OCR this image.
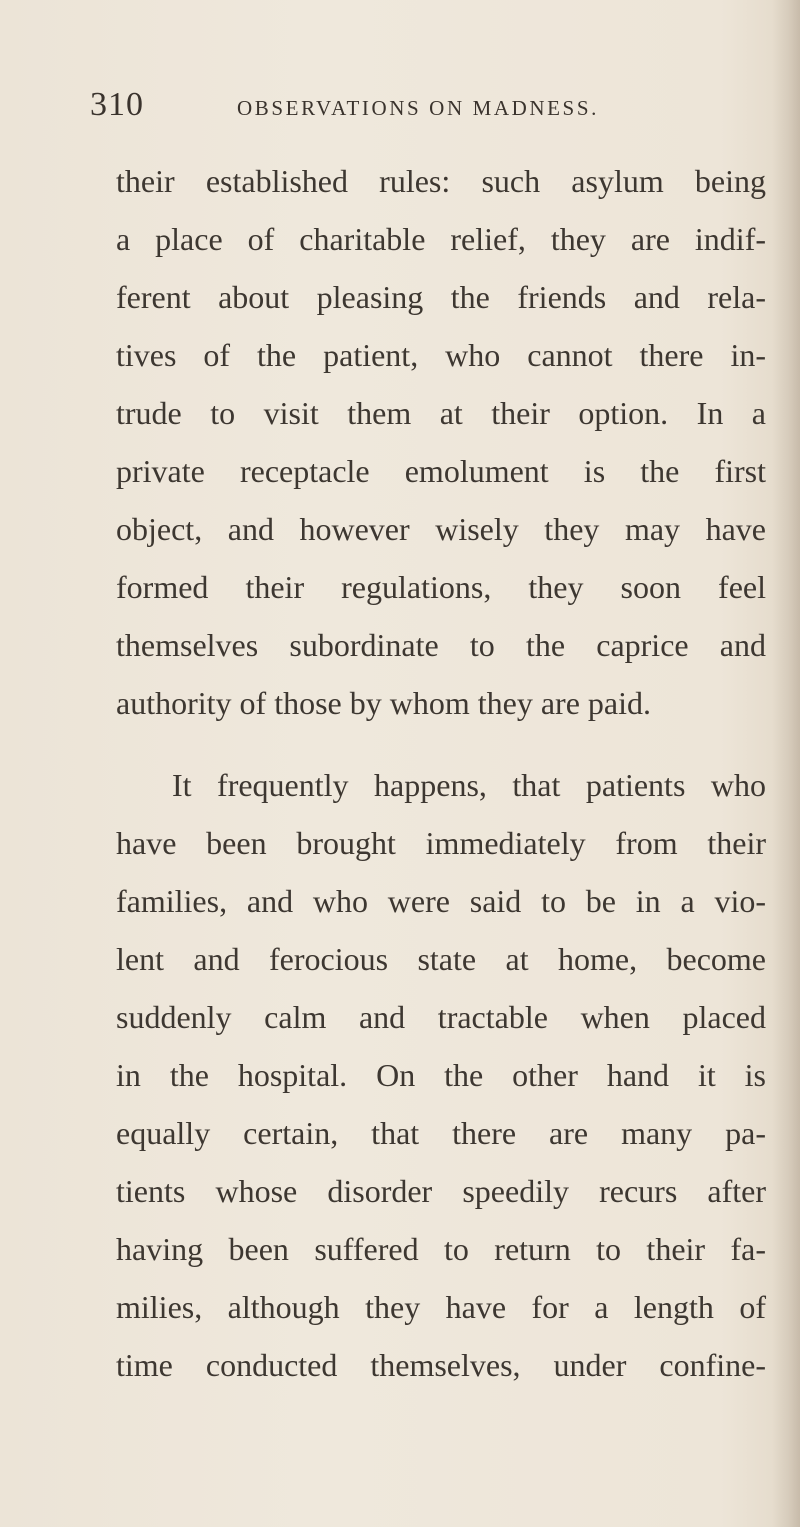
310	OBSERVATIONS ON MADNESS.
their established rules: such asylum being
a place of charitable relief, they are indif-
ferent about pleasing the friends and rela-
tives of the patient, who cannot there in-
trude to visit them at their option. In a
private receptacle emolument is the first
object, and however wisely they may have
formed their regulations, they soon feel
themselves subordinate to the caprice and
authority of those by whom they are paid.
It frequently happens, that patients who
have been brought immediately from their
families, and who were said to be in a vio-
lent and ferocious state at home, become
suddenly calm and tractable when placed
in the hospital. On the other hand it is
equally certain, that there are many pa-
tients whose disorder speedily recurs after
having been suffered to return to their fa-
milies, although they have for a length of
time conducted themselves, under confine-
